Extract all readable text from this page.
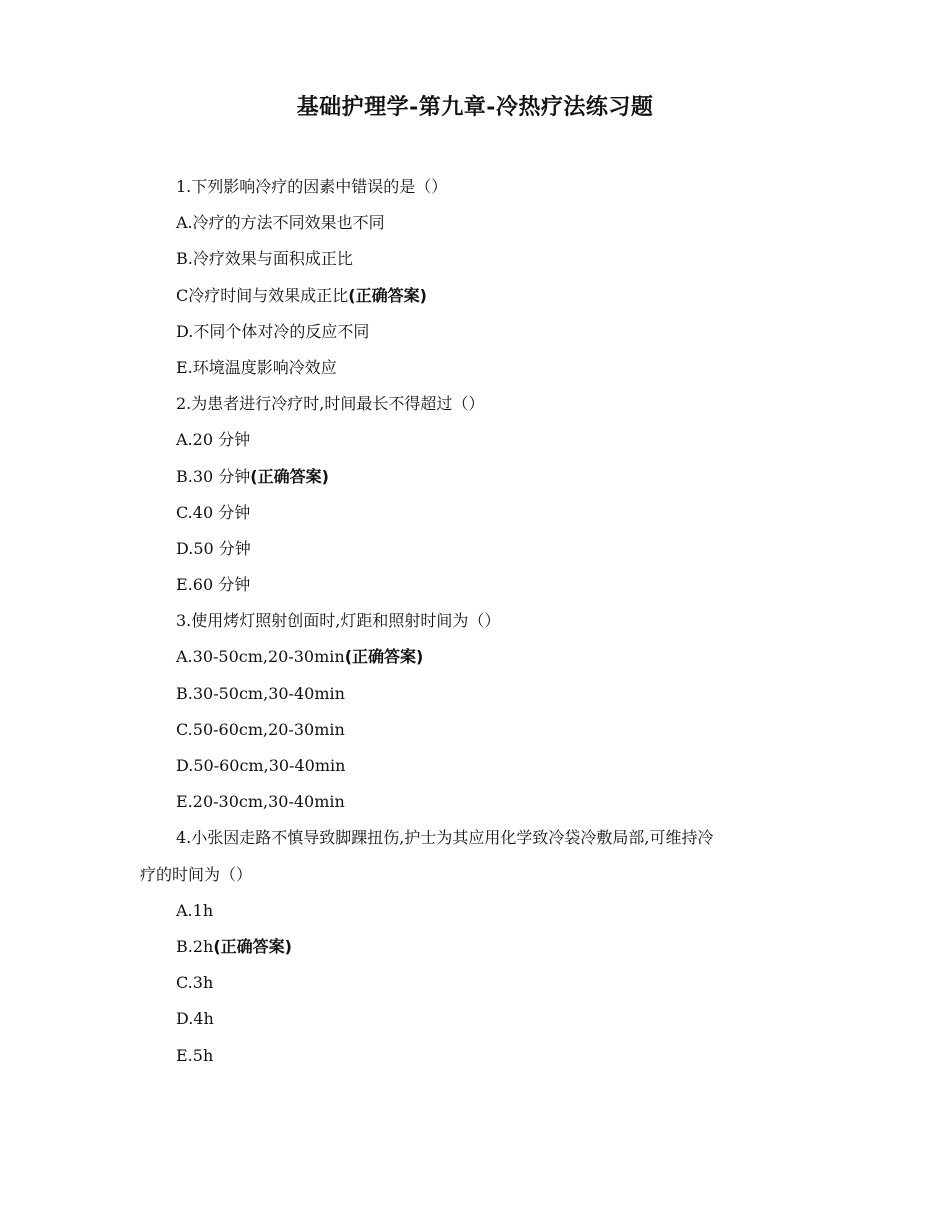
基础护理学-第九章-冷热疗法练习题
1.下列影响冷疗的因素中错误的是（）
A.冷疗的方法不同效果也不同
B.冷疗效果与面积成正比
C冷疗时间与效果成正比(正确答案)
D.不同个体对冷的反应不同
E.环境温度影响冷效应
2.为患者进行冷疗时,时间最长不得超过（）
A.20 分钟
B.30 分钟(正确答案)
C.40 分钟
D.50 分钟
E.60 分钟
3.使用烤灯照射创面时,灯距和照射时间为（）
A.30-50cm,20-30min(正确答案)
B.30-50cm,30-40min
C.50-60cm,20-30min
D.50-60cm,30-40min
E.20-30cm,30-40min
4.小张因走路不慎导致脚踝扭伤,护士为其应用化学致冷袋冷敷局部,可维持冷
疗的时间为（）
A.1h
B.2h(正确答案)
C.3h
D.4h
E.5h
